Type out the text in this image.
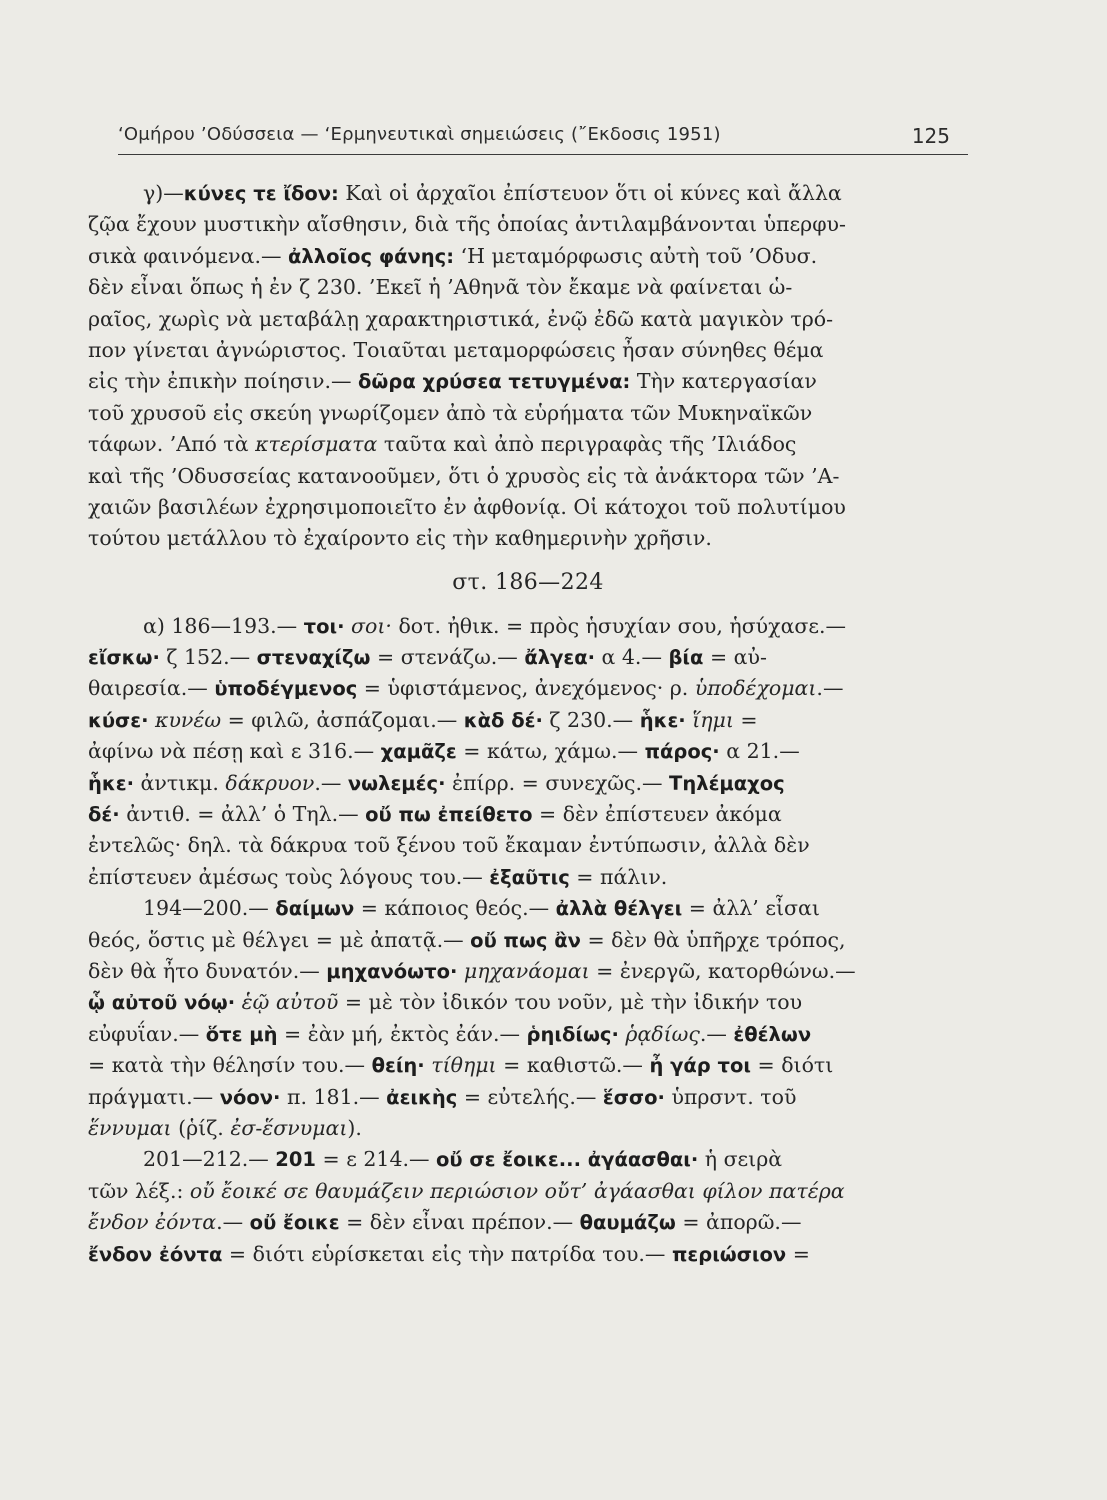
‘Ομήρου ’Οδύσσεια — ‘Ερμηνευτικαὶ σημειώσεις (῎Εκδοσις 1951)	125
γ)—κύνες τε ἴδον: Καὶ οἱ ἀρχαῖοι ἐπίστευον ὅτι οἱ κύνες καὶ ἄλλα
ζῷα ἔχουν μυστικὴν αἴσθησιν, διὰ τῆς ὁποίας ἀντιλαμβάνονται ὑπερφυ-
σικὰ φαινόμενα.— ἀλλοῖος φάνης: ‘Η μεταμόρφωσις αὐτὴ τοῦ ’Οδυσ.
δὲν εἶναι ὅπως ἡ ἐν ζ 230. ’Εκεῖ ἡ ’Αθηνᾶ τὸν ἔκαμε νὰ φαίνεται ὡ-
ραῖος, χωρὶς νὰ μεταβάλῃ χαρακτηριστικά, ἐνῷ ἐδῶ κατὰ μαγικὸν τρό-
πον γίνεται ἀγνώριστος. Τοιαῦται μεταμορφώσεις ἦσαν σύνηθες θέμα
εἰς τὴν ἐπικὴν ποίησιν.— δῶρα χρύσεα τετυγμένα: Τὴν κατεργασίαν
τοῦ χρυσοῦ εἰς σκεύη γνωρίζομεν ἀπὸ τὰ εὑρήματα τῶν Μυκηναϊκῶν
τάφων. ’Από τὰ κτερίσματα ταῦτα καὶ ἀπὸ περιγραφὰς τῆς ’Ιλιάδος
καὶ τῆς ’Οδυσσείας κατανοοῦμεν, ὅτι ὁ χρυσὸς εἰς τὰ ἀνάκτορα τῶν ’Α-
χαιῶν βασιλέων ἐχρησιμοποιεῖτο ἐν ἀφθονίᾳ. Οἱ κάτοχοι τοῦ πολυτίμου
τούτου μετάλλου τὸ ἐχαίροντο εἰς τὴν καθημερινὴν χρῆσιν.
στ. 186—224
α) 186—193.— τοι· σοι· δοτ. ἠθικ. = πρὸς ἡσυχίαν σου, ἡσύχασε.—
εἴσκω· ζ 152.— στεναχίζω = στενάζω.— ἄλγεα· α 4.— βία = αὐ-
θαιρεσία.— ὑποδέγμενος = ὑφιστάμενος, ἀνεχόμενος· ρ. ὑποδέχομαι.—
κύσε· κυνέω = φιλῶ, ἀσπάζομαι.— κὰδ δέ· ζ 230.— ἧκε· ἵημι =
ἀφίνω νὰ πέσῃ καὶ ε 316.— χαμᾶζε = κάτω, χάμω.— πάρος· α 21.—
ἧκε· ἀντικμ. δάκρυον.— νωλεμές· ἐπίρρ. = συνεχῶς.— Τηλέμαχος
δέ· ἀντιθ. = ἀλλ’ ὁ Τηλ.— οὔ πω ἐπείθετο = δὲν ἐπίστευεν ἀκόμα
ἐντελῶς· δηλ. τὰ δάκρυα τοῦ ξένου τοῦ ἔκαμαν ἐντύπωσιν, ἀλλὰ δὲν
ἐπίστευεν ἀμέσως τοὺς λόγους του.— ἐξαῦτις = πάλιν.
194—200.— δαίμων = κάποιος θεός.— ἀλλὰ θέλγει = ἀλλ’ εἶσαι
θεός, ὅστις μὲ θέλγει = μὲ ἀπατᾷ.— οὔ πως ἂν = δὲν θὰ ὑπῆρχε τρόπος,
δὲν θὰ ἦτο δυνατόν.— μηχανόωτο· μηχανάομαι = ἐνεργῶ, κατορθώνω.—
ᾧ αὐτοῦ νόῳ· ἑῷ αὐτοῦ = μὲ τὸν ἰδικόν του νοῦν, μὲ τὴν ἰδικήν του
εὐφυΐαν.— ὅτε μὴ = ἐὰν μή, ἐκτὸς ἐάν.— ῥηιδίως· ῥᾳδίως.— ἐθέλων
= κατὰ τὴν θέλησίν του.— θείη· τίθημι = καθιστῶ.— ἦ γάρ τοι = διότι
πράγματι.— νόον· π. 181.— ἀεικὴς = εὐτελής.— ἕσσο· ὑπρσντ. τοῦ
ἕννυμαι (ῥίζ. ἐσ-ἕσνυμαι).
201—212.— 201 = ε 214.— οὔ σε ἔοικε... ἀγάασθαι· ἡ σειρὰ
τῶν λέξ.: οὔ ἔοικέ σε θαυμάζειν περιώσιον οὔτ’ ἀγάασθαι φίλον πατέρα
ἔνδον ἐόντα.— οὔ ἔοικε = δὲν εἶναι πρέπον.— θαυμάζω = ἀπορῶ.—
ἔνδον ἐόντα = διότι εὑρίσκεται εἰς τὴν πατρίδα του.— περιώσιον =
